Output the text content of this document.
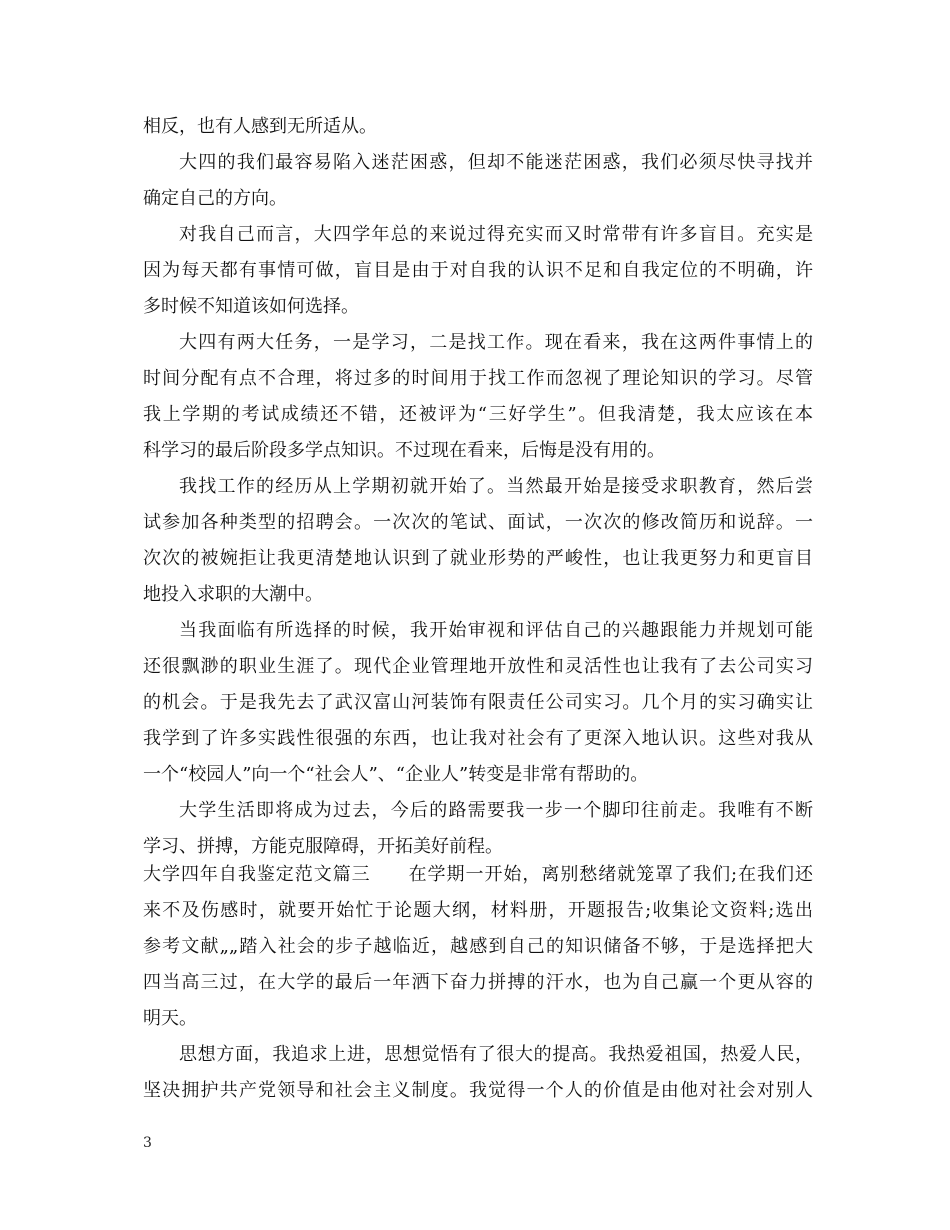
相反，也有人感到无所适从。
大四的我们最容易陷入迷茫困惑，但却不能迷茫困惑，我们必须尽快寻找并
确定自己的方向。
对我自己而言，大四学年总的来说过得充实而又时常带有许多盲目。充实是
因为每天都有事情可做，盲目是由于对自我的认识不足和自我定位的不明确，许
多时候不知道该如何选择。
大四有两大任务，一是学习，二是找工作。现在看来，我在这两件事情上的
时间分配有点不合理，将过多的时间用于找工作而忽视了理论知识的学习。尽管
我上学期的考试成绩还不错，还被评为“三好学生”。但我清楚，我太应该在本
科学习的最后阶段多学点知识。不过现在看来，后悔是没有用的。
我找工作的经历从上学期初就开始了。当然最开始是接受求职教育，然后尝
试参加各种类型的招聘会。一次次的笔试、面试，一次次的修改简历和说辞。一
次次的被婉拒让我更清楚地认识到了就业形势的严峻性，也让我更努力和更盲目
地投入求职的大潮中。
当我面临有所选择的时候，我开始审视和评估自己的兴趣跟能力并规划可能
还很飘渺的职业生涯了。现代企业管理地开放性和灵活性也让我有了去公司实习
的机会。于是我先去了武汉富山河装饰有限责任公司实习。几个月的实习确实让
我学到了许多实践性很强的东西，也让我对社会有了更深入地认识。这些对我从
一个“校园人”向一个“社会人”、“企业人”转变是非常有帮助的。
大学生活即将成为过去，今后的路需要我一步一个脚印往前走。我唯有不断
学习、拼搏，方能克服障碍，开拓美好前程。
大学四年自我鉴定范文篇三　　在学期一开始，离别愁绪就笼罩了我们;在我们还
来不及伤感时，就要开始忙于论题大纲，材料册，开题报告;收集论文资料;选出
参考文献„„踏入社会的步子越临近，越感到自己的知识储备不够，于是选择把大
四当高三过，在大学的最后一年洒下奋力拼搏的汗水，也为自己赢一个更从容的
明天。
思想方面，我追求上进，思想觉悟有了很大的提高。我热爱祖国，热爱人民，
坚决拥护共产党领导和社会主义制度。我觉得一个人的价值是由他对社会对别人
3
